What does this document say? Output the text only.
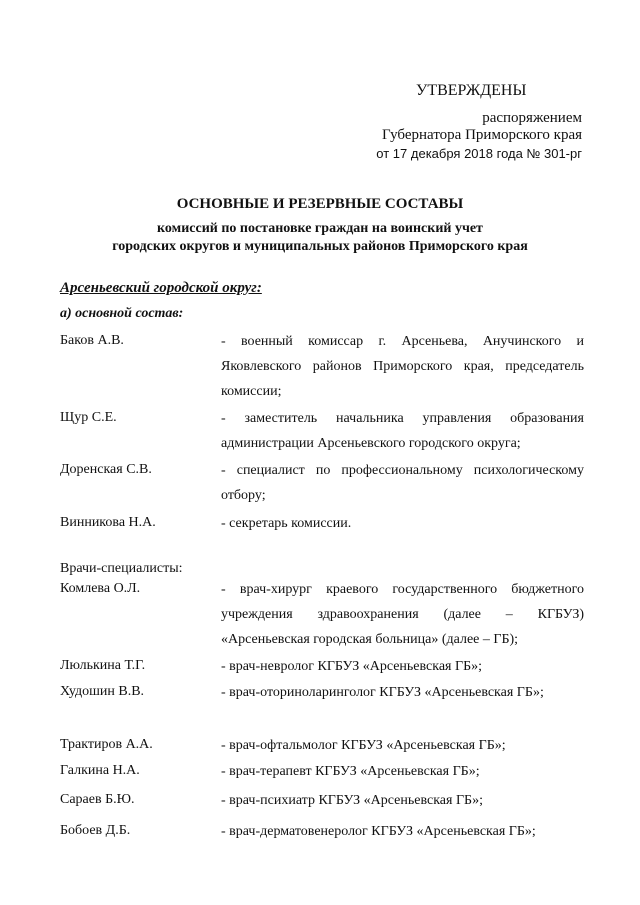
УТВЕРЖДЕНЫ
распоряжением
Губернатора Приморского края
от 17 декабря 2018 года № 301-рг
ОСНОВНЫЕ И РЕЗЕРВНЫЕ СОСТАВЫ
комиссий по постановке граждан на воинский учет
городских округов и муниципальных районов Приморского края
Арсеньевский городской округ:
а) основной состав:
Баков А.В.	- военный комиссар г. Арсеньева, Анучинского и Яковлевского районов Приморского края, председатель комиссии;
Щур С.Е.	- заместитель начальника управления образования администрации Арсеньевского городского округа;
Доренская С.В.	- специалист по профессиональному психологическому отбору;
Винникова Н.А.	- секретарь комиссии.
Врачи-специалисты:
Комлева О.Л.	- врач-хирург краевого государственного бюджетного учреждения здравоохранения (далее – КГБУЗ) «Арсеньевская городская больница» (далее – ГБ);
Люлькина Т.Г.	- врач-невролог КГБУЗ «Арсеньевская ГБ»;
Худошин В.В.	- врач-оториноларинголог КГБУЗ «Арсеньевская ГБ»;
Трактиров А.А.	- врач-офтальмолог КГБУЗ «Арсеньевская ГБ»;
Галкина Н.А.	- врач-терапевт КГБУЗ «Арсеньевская ГБ»;
Сараев Б.Ю.	- врач-психиатр КГБУЗ «Арсеньевская ГБ»;
Бобоев Д.Б.	- врач-дерматовенеролог КГБУЗ «Арсеньевская ГБ»;
